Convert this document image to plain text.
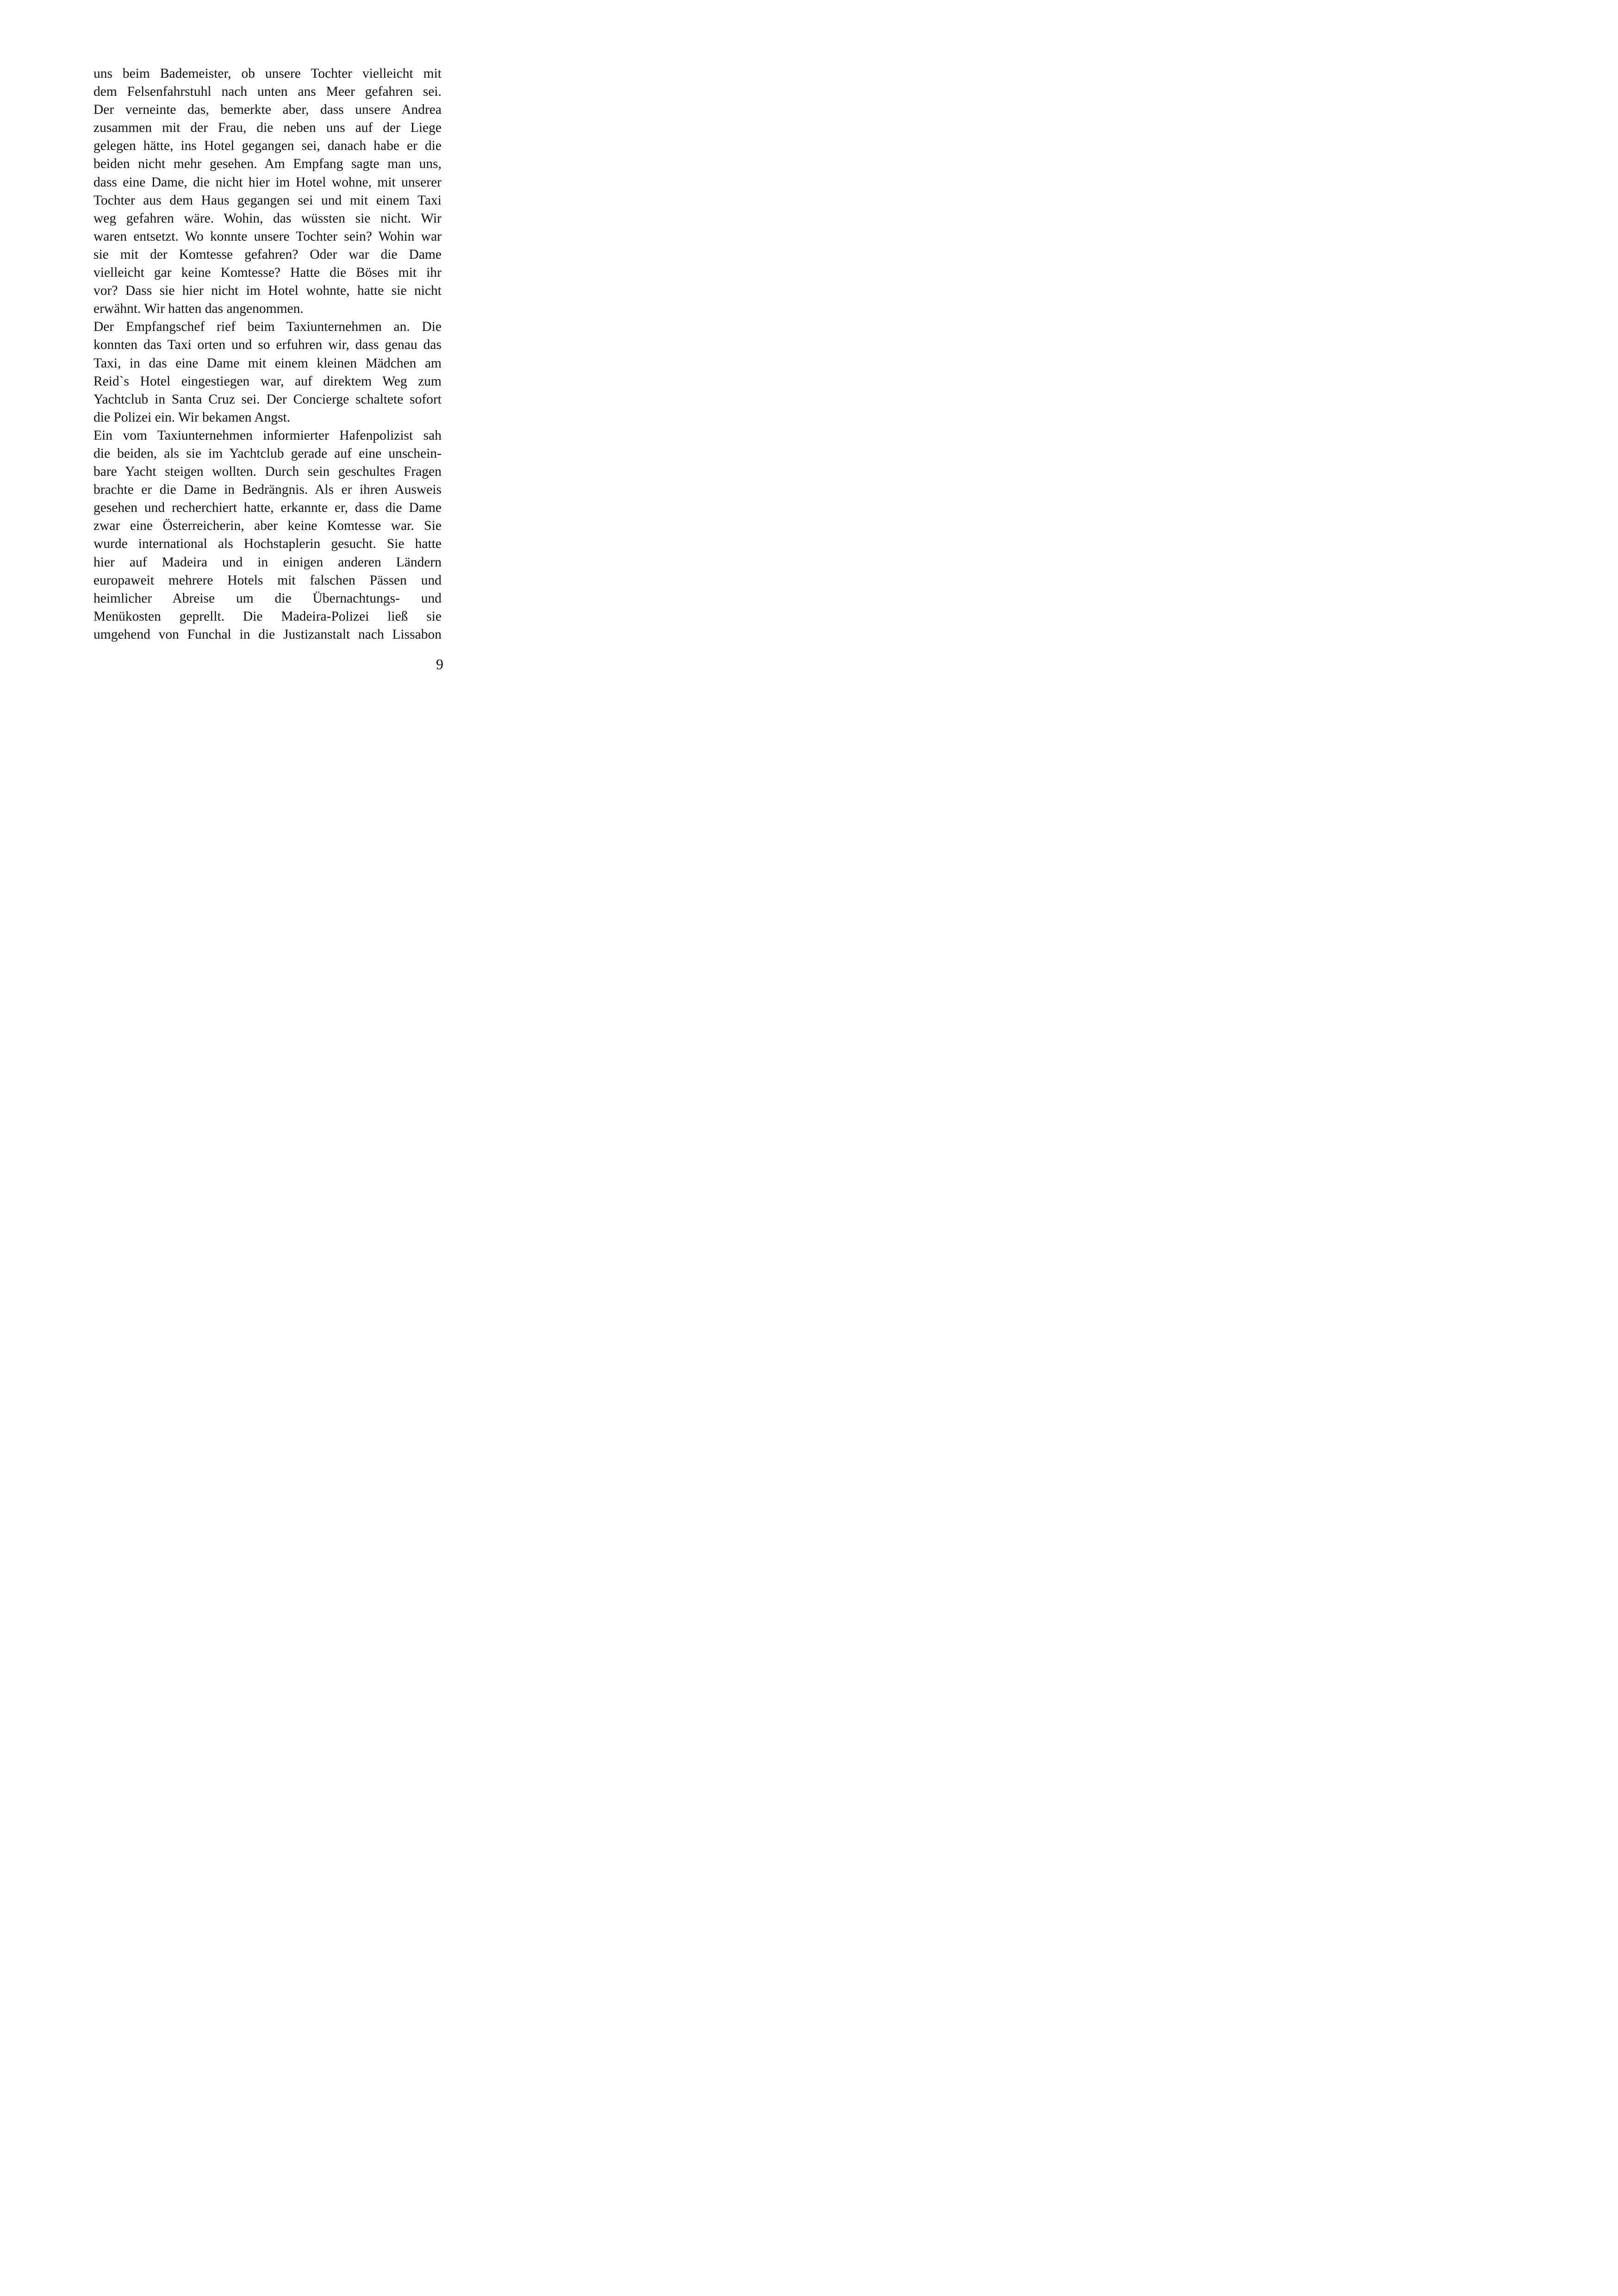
uns beim Bademeister, ob unsere Tochter vielleicht mit
dem Felsenfahrstuhl nach unten ans Meer gefahren sei.
Der verneinte das, bemerkte aber, dass unsere Andrea
zusammen mit der Frau, die neben uns auf der Liege
gelegen hätte, ins Hotel gegangen sei, danach habe er die
beiden nicht mehr gesehen. Am Empfang sagte man uns,
dass eine Dame, die nicht hier im Hotel wohne, mit unserer
Tochter aus dem Haus gegangen sei und mit einem Taxi
weg gefahren wäre. Wohin, das wüssten sie nicht. Wir
waren entsetzt. Wo konnte unsere Tochter sein? Wohin war
sie mit der Komtesse gefahren? Oder war die Dame
vielleicht gar keine Komtesse? Hatte die Böses mit ihr
vor? Dass sie hier nicht im Hotel wohnte, hatte sie nicht
erwähnt. Wir hatten das angenommen.
Der Empfangschef rief beim Taxiunternehmen an. Die
konnten das Taxi orten und so erfuhren wir, dass genau das
Taxi, in das eine Dame mit einem kleinen Mädchen am
Reid`s Hotel eingestiegen war, auf direktem Weg zum
Yachtclub in Santa Cruz sei. Der Concierge schaltete sofort
die Polizei ein. Wir bekamen Angst.
Ein vom Taxiunternehmen informierter Hafenpolizist sah
die beiden, als sie im Yachtclub gerade auf eine unschein-
bare Yacht steigen wollten. Durch sein geschultes Fragen
brachte er die Dame in Bedrängnis. Als er ihren Ausweis
gesehen und recherchiert hatte, erkannte er, dass die Dame
zwar eine Österreicherin, aber keine Komtesse war. Sie
wurde international als Hochstaplerin gesucht. Sie hatte
hier auf Madeira und in einigen anderen Ländern
europaweit mehrere Hotels mit falschen Pässen und
heimlicher Abreise um die Übernachtungs- und
Menükosten geprellt. Die Madeira-Polizei ließ sie
umgehend von Funchal in die Justizanstalt nach Lissabon
9
